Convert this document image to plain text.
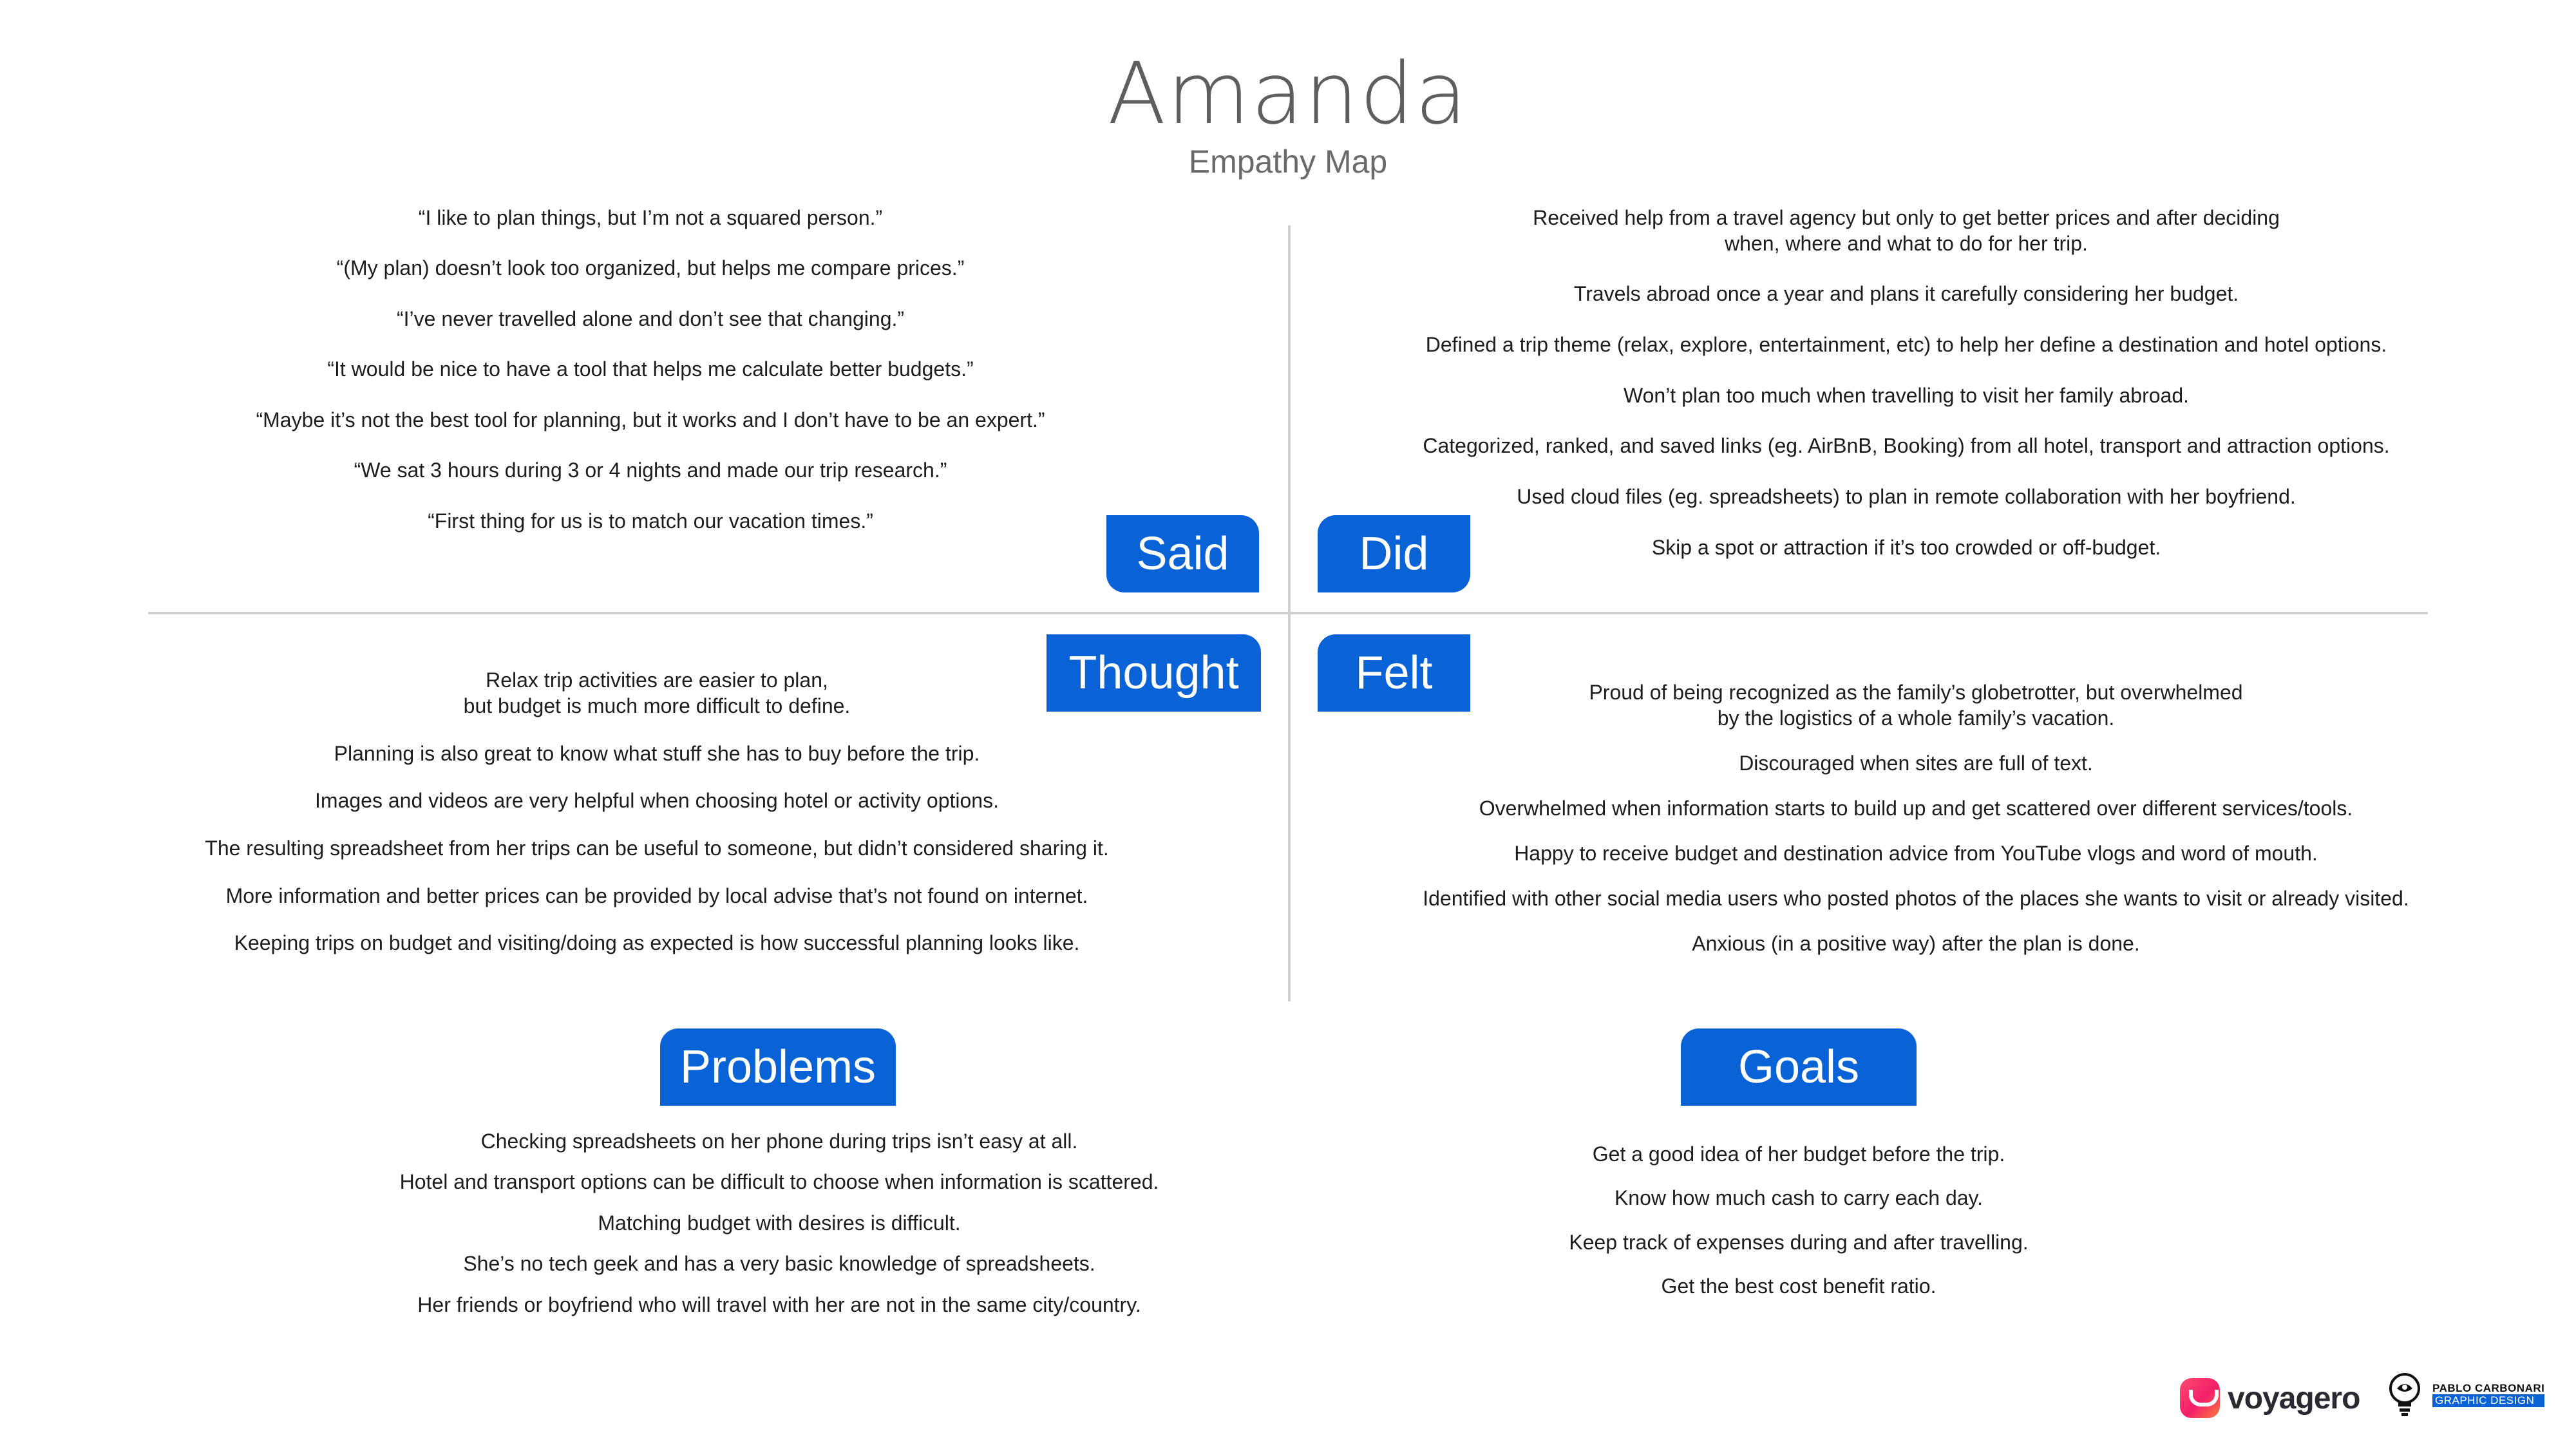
Amanda
Empathy Map
“I like to plan things, but I’m not a squared person.”
“(My plan) doesn’t look too organized, but helps me compare prices.”
“I’ve never travelled alone and don’t see that changing.”
“It would be nice to have a tool that helps me calculate better budgets.”
“Maybe it’s not the best tool for planning, but it works and I don’t have to be an expert.”
“We sat 3 hours during 3 or 4 nights and made our trip research.”
“First thing for us is to match our vacation times.”
Said
Received help from a travel agency but only to get better prices and after deciding
when, where and what to do for her trip.
Travels abroad once a year and plans it carefully considering her budget.
Defined a trip theme (relax, explore, entertainment, etc) to help her define a destination and hotel options.
Won’t plan too much when travelling to visit her family abroad.
Categorized, ranked, and saved links (eg. AirBnB, Booking) from all hotel, transport and attraction options.
Used cloud files (eg. spreadsheets) to plan in remote collaboration with her boyfriend.
Skip a spot or attraction if it’s too crowded or off-budget.
Did
Thought
Relax trip activities are easier to plan,
but budget is much more difficult to define.
Planning is also great to know what stuff she has to buy before the trip.
Images and videos are very helpful when choosing hotel or activity options.
The resulting spreadsheet from her trips can be useful to someone, but didn’t considered sharing it.
More information and better prices can be provided by local advise that’s not found on internet.
Keeping trips on budget and visiting/doing as expected is how successful planning looks like.
Felt	Proud of being recognized as the family’s globetrotter, but overwhelmed
by the logistics of a whole family’s vacation.
Discouraged when sites are full of text.
Overwhelmed when information starts to build up and get scattered over different services/tools.
Happy to receive budget and destination advice from YouTube vlogs and word of mouth.
Identified with other social media users who posted photos of the places she wants to visit or already visited.
Anxious (in a positive way) after the plan is done.
Problems
Checking spreadsheets on her phone during trips isn’t easy at all.
Hotel and transport options can be difficult to choose when information is scattered.
Matching budget with desires is difficult.
She’s no tech geek and has a very basic knowledge of spreadsheets.
Her friends or boyfriend who will travel with her are not in the same city/country.
Goals
Get a good idea of her budget before the trip.
Know how much cash to carry each day.
Keep track of expenses during and after travelling.
Get the best cost benefit ratio.
voyagero	PABLO CARBONARI
GRAPHIC DESIGN
